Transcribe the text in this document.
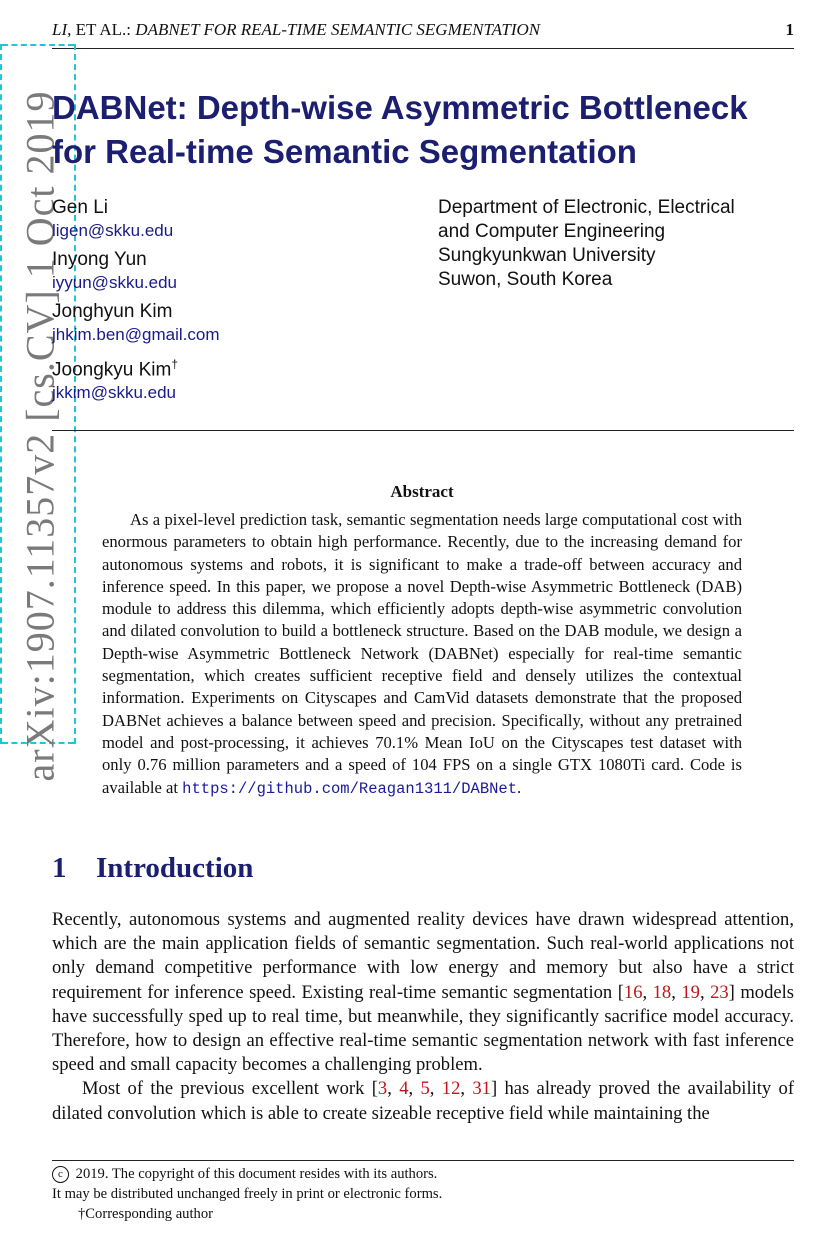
LI, ET AL.: DABNET FOR REAL-TIME SEMANTIC SEGMENTATION	1
arXiv:1907.11357v2 [cs.CV] 1 Oct 2019
DABNet: Depth-wise Asymmetric Bottleneck
for Real-time Semantic Segmentation
Gen Li
ligen@skku.edu
Inyong Yun
iyyun@skku.edu
Jonghyun Kim
jhkim.ben@gmail.com
Joongkyu Kim†
jkkim@skku.edu
Department of Electronic, Electrical
and Computer Engineering
Sungkyunkwan University
Suwon, South Korea
Abstract
As a pixel-level prediction task, semantic segmentation needs large computational cost with enormous parameters to obtain high performance. Recently, due to the increasing demand for autonomous systems and robots, it is significant to make a trade-off between accuracy and inference speed. In this paper, we propose a novel Depth-wise Asymmetric Bottleneck (DAB) module to address this dilemma, which efficiently adopts depth-wise asymmetric convolution and dilated convolution to build a bottleneck structure. Based on the DAB module, we design a Depth-wise Asymmetric Bottleneck Network (DABNet) especially for real-time semantic segmentation, which creates sufficient receptive field and densely utilizes the contextual information. Experiments on Cityscapes and CamVid datasets demonstrate that the proposed DABNet achieves a balance between speed and precision. Specifically, without any pretrained model and post-processing, it achieves 70.1% Mean IoU on the Cityscapes test dataset with only 0.76 million parameters and a speed of 104 FPS on a single GTX 1080Ti card. Code is available at https://github.com/Reagan1311/DABNet.
1 Introduction

Recently, autonomous systems and augmented reality devices have drawn widespread attention, which are the main application fields of semantic segmentation. Such real-world applications not only demand competitive performance with low energy and memory but also have a strict requirement for inference speed. Existing real-time semantic segmentation [16, 18, 19, 23] models have successfully sped up to real time, but meanwhile, they significantly sacrifice model accuracy. Therefore, how to design an effective real-time semantic segmentation network with fast inference speed and small capacity becomes a challenging problem.

Most of the previous excellent work [3, 4, 5, 12, 31] has already proved the availability of dilated convolution which is able to create sizeable receptive field while maintaining the

c 2019. The copyright of this document resides with its authors.
It may be distributed unchanged freely in print or electronic forms.
†Corresponding author
